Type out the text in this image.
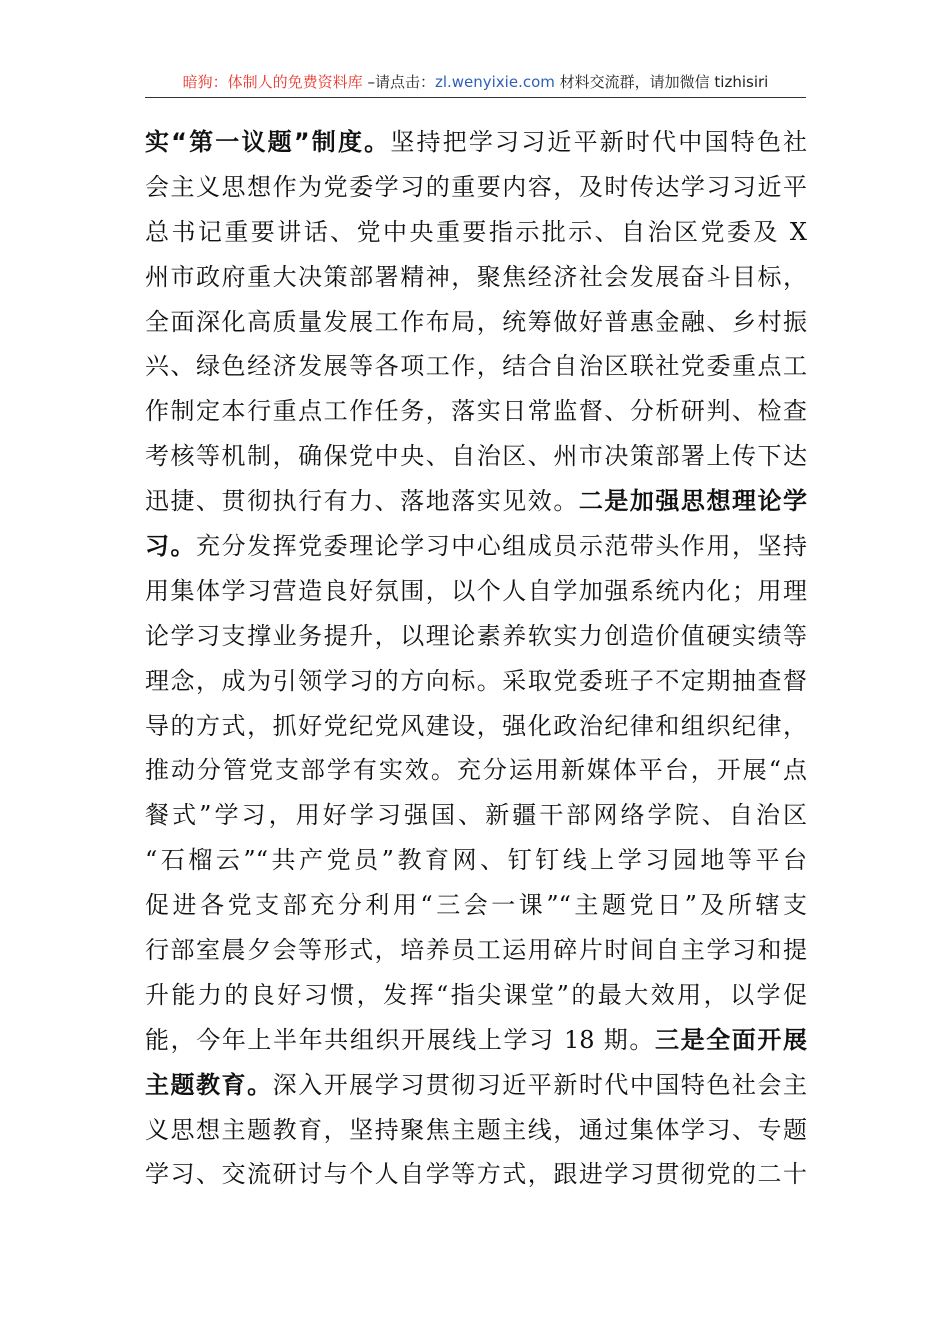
暗狗：体制人的免费资料库 –请点击：zl.wenyixie.com 材料交流群，请加微信 tizhisiri
实“第一议题”制度。坚持把学习习近平新时代中国特色社
会主义思想作为党委学习的重要内容，及时传达学习习近平
总书记重要讲话、党中央重要指示批示、自治区党委及 X
州市政府重大决策部署精神，聚焦经济社会发展奋斗目标，
全面深化高质量发展工作布局，统筹做好普惠金融、乡村振
兴、绿色经济发展等各项工作，结合自治区联社党委重点工
作制定本行重点工作任务，落实日常监督、分析研判、检查
考核等机制，确保党中央、自治区、州市决策部署上传下达
迅捷、贯彻执行有力、落地落实见效。二是加强思想理论学
习。充分发挥党委理论学习中心组成员示范带头作用，坚持
用集体学习营造良好氛围，以个人自学加强系统内化；用理
论学习支撑业务提升，以理论素养软实力创造价值硬实绩等
理念，成为引领学习的方向标。采取党委班子不定期抽查督
导的方式，抓好党纪党风建设，强化政治纪律和组织纪律，
推动分管党支部学有实效。充分运用新媒体平台，开展“点
餐式”学习，用好学习强国、新疆干部网络学院、自治区
“石榴云”“共产党员”教育网、钉钉线上学习园地等平台
促进各党支部充分利用“三会一课”“主题党日”及所辖支
行部室晨夕会等形式，培养员工运用碎片时间自主学习和提
升能力的良好习惯，发挥“指尖课堂”的最大效用，以学促
能，今年上半年共组织开展线上学习 18 期。三是全面开展
主题教育。深入开展学习贯彻习近平新时代中国特色社会主
义思想主题教育，坚持聚焦主题主线，通过集体学习、专题
学习、交流研讨与个人自学等方式，跟进学习贯彻党的二十
